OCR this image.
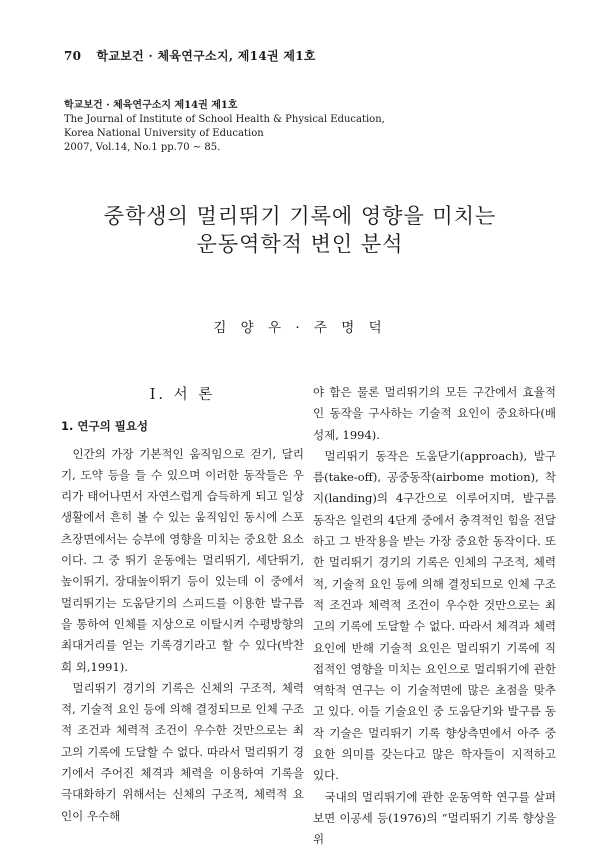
70 학교보건 · 체육연구소지, 제14권 제1호
학교보건 · 체육연구소지 제14권 제1호
The Journal of Institute of School Health & Physical Education,
Korea National University of Education
2007, Vol.14, No.1 pp.70 ~ 85.
중학생의 멀리뛰기 기록에 영향을 미치는
운동역학적 변인 분석
김 양 우 · 주 명 덕
I. 서 론
1. 연구의 필요성

인간의 가장 기본적인 움직임으로 걷기, 달리기, 도약 등을 들 수 있으며 이러한 동작들은 우리가 태어나면서 자연스럽게 습득하게 되고 일상생활에서 흔히 볼 수 있는 움직임인 동시에 스포츠장면에서는 승부에 영향을 미치는 중요한 요소이다. 그 중 뛰기 운동에는 멀리뛰기, 세단뛰기, 높이뛰기, 장대높이뛰기 등이 있는데 이 중에서 멀리뛰기는 도움닫기의 스피드를 이용한 발구름을 통하여 인체를 지상으로 이탈시켜 수평방향의 최대거리를 얻는 기록경기라고 할 수 있다(박찬희 외,1991).

멀리뛰기 경기의 기록은 신체의 구조적, 체력적, 기술적 요인 등에 의해 결정되므로 인체 구조적 조건과 체력적 조건이 우수한 것만으로는 최고의 기록에 도달할 수 없다. 따라서 멀리뛰기 경기에서 주어진 체격과 체력을 이용하여 기록을 극대화하기 위해서는 신체의 구조적, 체력적 요인이 우수해

야 함은 물론 멀리뛰기의 모든 구간에서 효율적인 동작을 구사하는 기술적 요인이 중요하다(배성제, 1994).

멀리뛰기 동작은 도움닫기(approach), 발구름(take-off), 공중동작(airbome motion), 착지(landing)의 4구간으로 이루어지며, 발구름 동작은 일련의 4단계 중에서 충격적인 힘을 전달하고 그 반작용을 받는 가장 중요한 동작이다. 또한 멀리뛰기 경기의 기록은 인체의 구조적, 체력적, 기술적 요인 등에 의해 결정되므로 인체 구조적 조건과 체력적 조건이 우수한 것만으로는 최고의 기록에 도달할 수 없다. 따라서 체격과 체력요인에 반해 기술적 요인은 멀리뛰기 기록에 직접적인 영향을 미치는 요인으로 멀리뛰기에 관한 역학적 연구는 이 기술적면에 많은 초점을 맞추고 있다. 이들 기술요인 중 도움닫기와 발구름 동작 기술은 멀리뛰기 기록 향상측면에서 아주 중요한 의미를 갖는다고 많은 학자들이 지적하고 있다.

국내의 멀리뛰기에 관한 운동역학 연구를 살펴보면 이공세 등(1976)의 “멀리뛰기 기록 향상을 위
